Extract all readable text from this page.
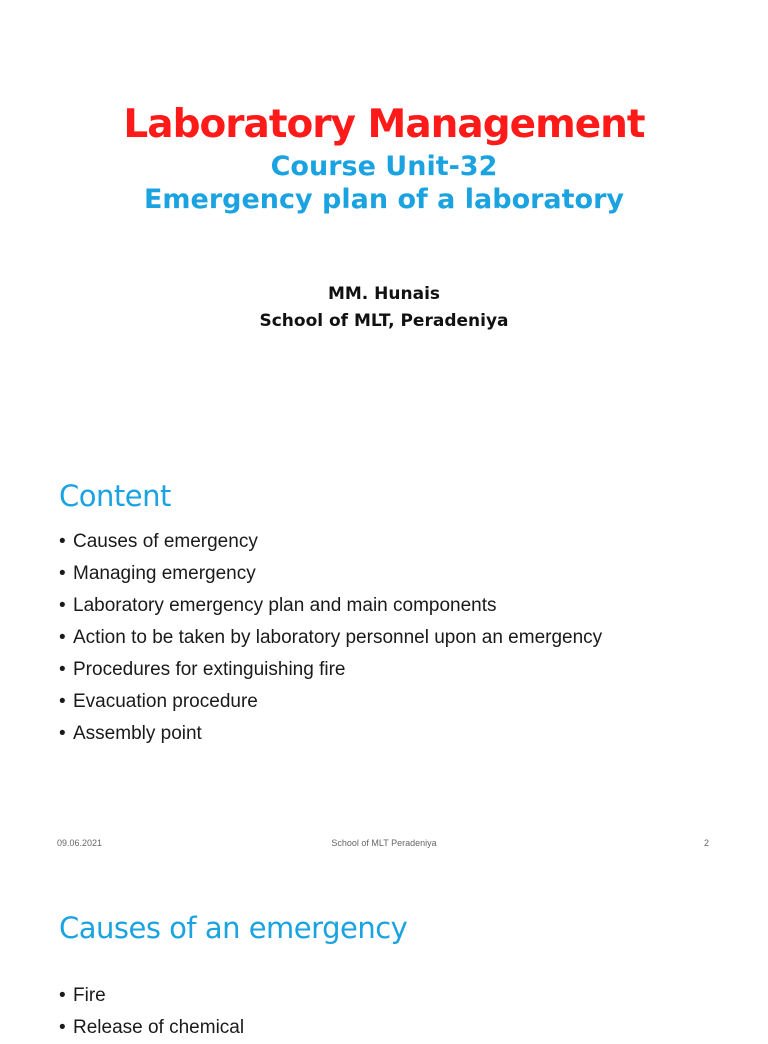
Laboratory Management
Course Unit-32
Emergency plan of a laboratory
MM. Hunais
School of MLT, Peradeniya
Content
• Causes of emergency
• Managing emergency
• Laboratory emergency plan and main components
• Action to be taken by laboratory personnel upon an emergency
• Procedures for extinguishing fire
• Evacuation procedure
• Assembly point
09.06.2021	School of MLT Peradeniya	2
Causes of an emergency
• Fire
• Release of chemical
